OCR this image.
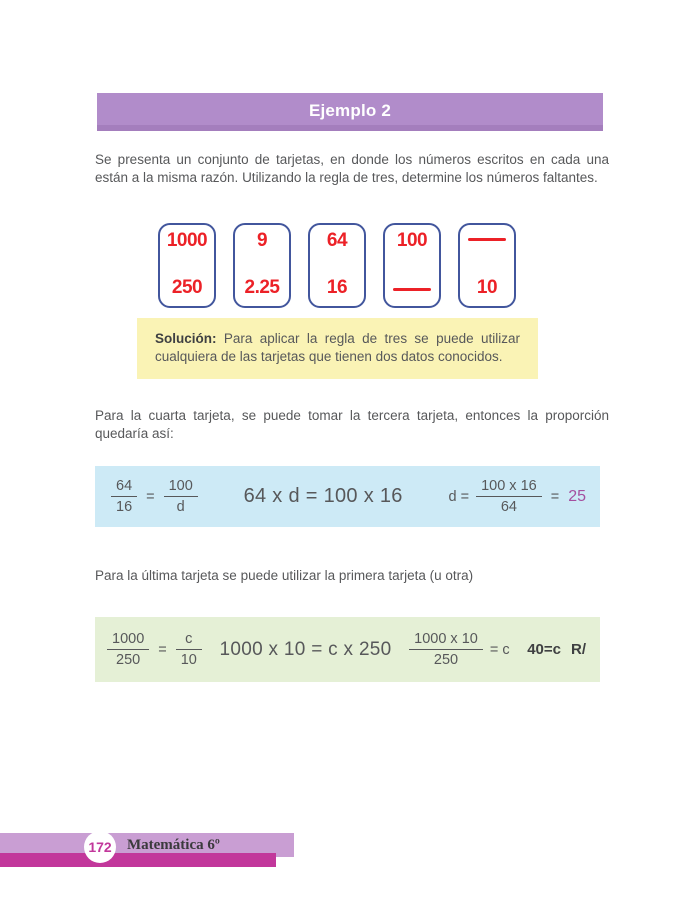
Ejemplo 2

Se presenta un conjunto de tarjetas, en donde los números escritos en cada una están a la misma razón. Utilizando la regla de tres, determine los números faltantes.

1000
250
9
2.25
64
16
100
10
Solución: Para aplicar la regla de tres se puede utilizar cualquiera de las tarjetas que tienen dos datos conocidos.

Para la cuarta tarjeta, se puede tomar la tercera tarjeta, entonces la proporción quedaría así:

$\frac{64}{16} = \frac{100}{d} 64$ x d = 100 x 16	$d = \frac{100 x 16}{64} = 25$

Para la última tarjeta se puede utilizar la primera tarjeta (u otra)

$\frac{1000}{250} = \frac{c}{10} 1000$ x 10 = c x $250 \frac{1000 x 10}{250} = c$ 40=c R/
172 Matemática 6º
